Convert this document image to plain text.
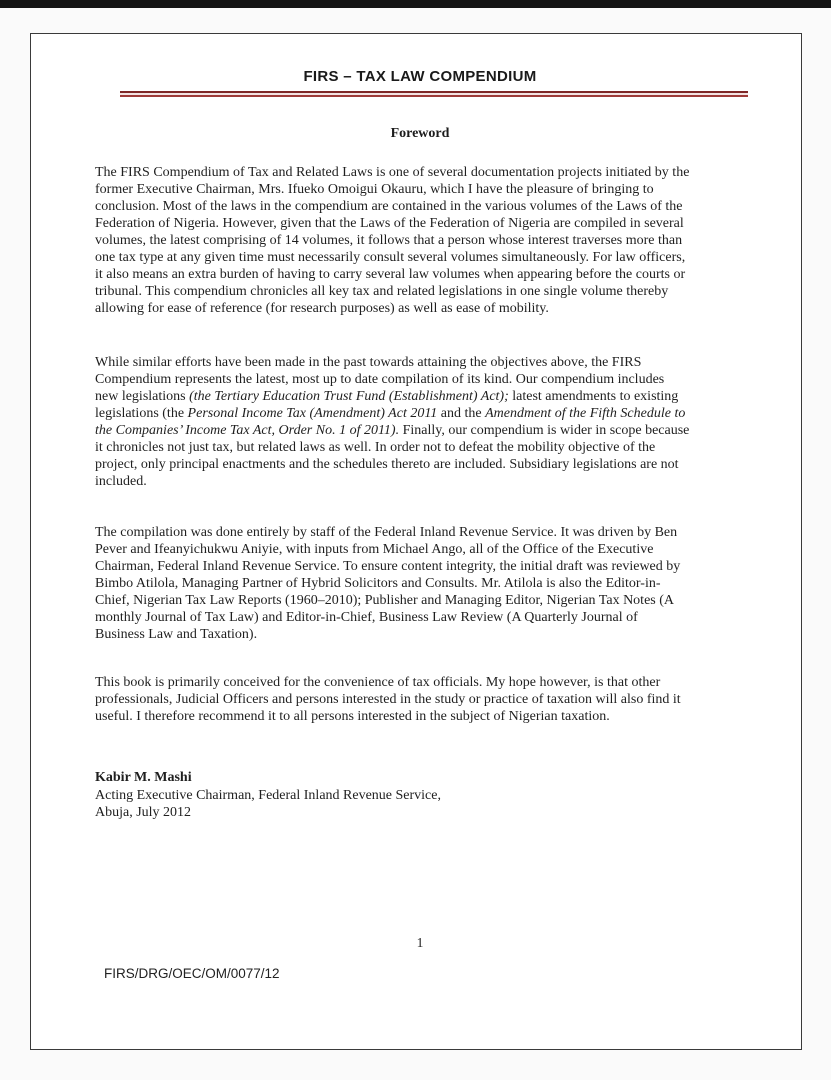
FIRS – TAX LAW COMPENDIUM
Foreword

The FIRS Compendium of Tax and Related Laws is one of several documentation projects initiated by the former Executive Chairman, Mrs. Ifueko Omoigui Okauru, which I have the pleasure of bringing to conclusion. Most of the laws in the compendium are contained in the various volumes of the Laws of the Federation of Nigeria. However, given that the Laws of the Federation of Nigeria are compiled in several volumes, the latest comprising of 14 volumes, it follows that a person whose interest traverses more than one tax type at any given time must necessarily consult several volumes simultaneously. For law officers, it also means an extra burden of having to carry several law volumes when appearing before the courts or tribunal. This compendium chronicles all key tax and related legislations in one single volume thereby allowing for ease of reference (for research purposes) as well as ease of mobility.

While similar efforts have been made in the past towards attaining the objectives above, the FIRS Compendium represents the latest, most up to date compilation of its kind. Our compendium includes new legislations (the Tertiary Education Trust Fund (Establishment) Act); latest amendments to existing legislations (the Personal Income Tax (Amendment) Act 2011 and the Amendment of the Fifth Schedule to the Companies’ Income Tax Act, Order No. 1 of 2011). Finally, our compendium is wider in scope because it chronicles not just tax, but related laws as well. In order not to defeat the mobility objective of the project, only principal enactments and the schedules thereto are included. Subsidiary legislations are not included.

The compilation was done entirely by staff of the Federal Inland Revenue Service. It was driven by Ben Pever and Ifeanyichukwu Aniyie, with inputs from Michael Ango, all of the Office of the Executive Chairman, Federal Inland Revenue Service. To ensure content integrity, the initial draft was reviewed by Bimbo Atilola, Managing Partner of Hybrid Solicitors and Consults. Mr. Atilola is also the Editor-in-Chief, Nigerian Tax Law Reports (1960–2010); Publisher and Managing Editor, Nigerian Tax Notes (A monthly Journal of Tax Law) and Editor-in-Chief, Business Law Review (A Quarterly Journal of Business Law and Taxation).

This book is primarily conceived for the convenience of tax officials. My hope however, is that other professionals, Judicial Officers and persons interested in the study or practice of taxation will also find it useful. I therefore recommend it to all persons interested in the subject of Nigerian taxation.

Kabir M. Mashi
Acting Executive Chairman, Federal Inland Revenue Service,
Abuja, July 2012
1
FIRS/DRG/OEC/OM/0077/12
